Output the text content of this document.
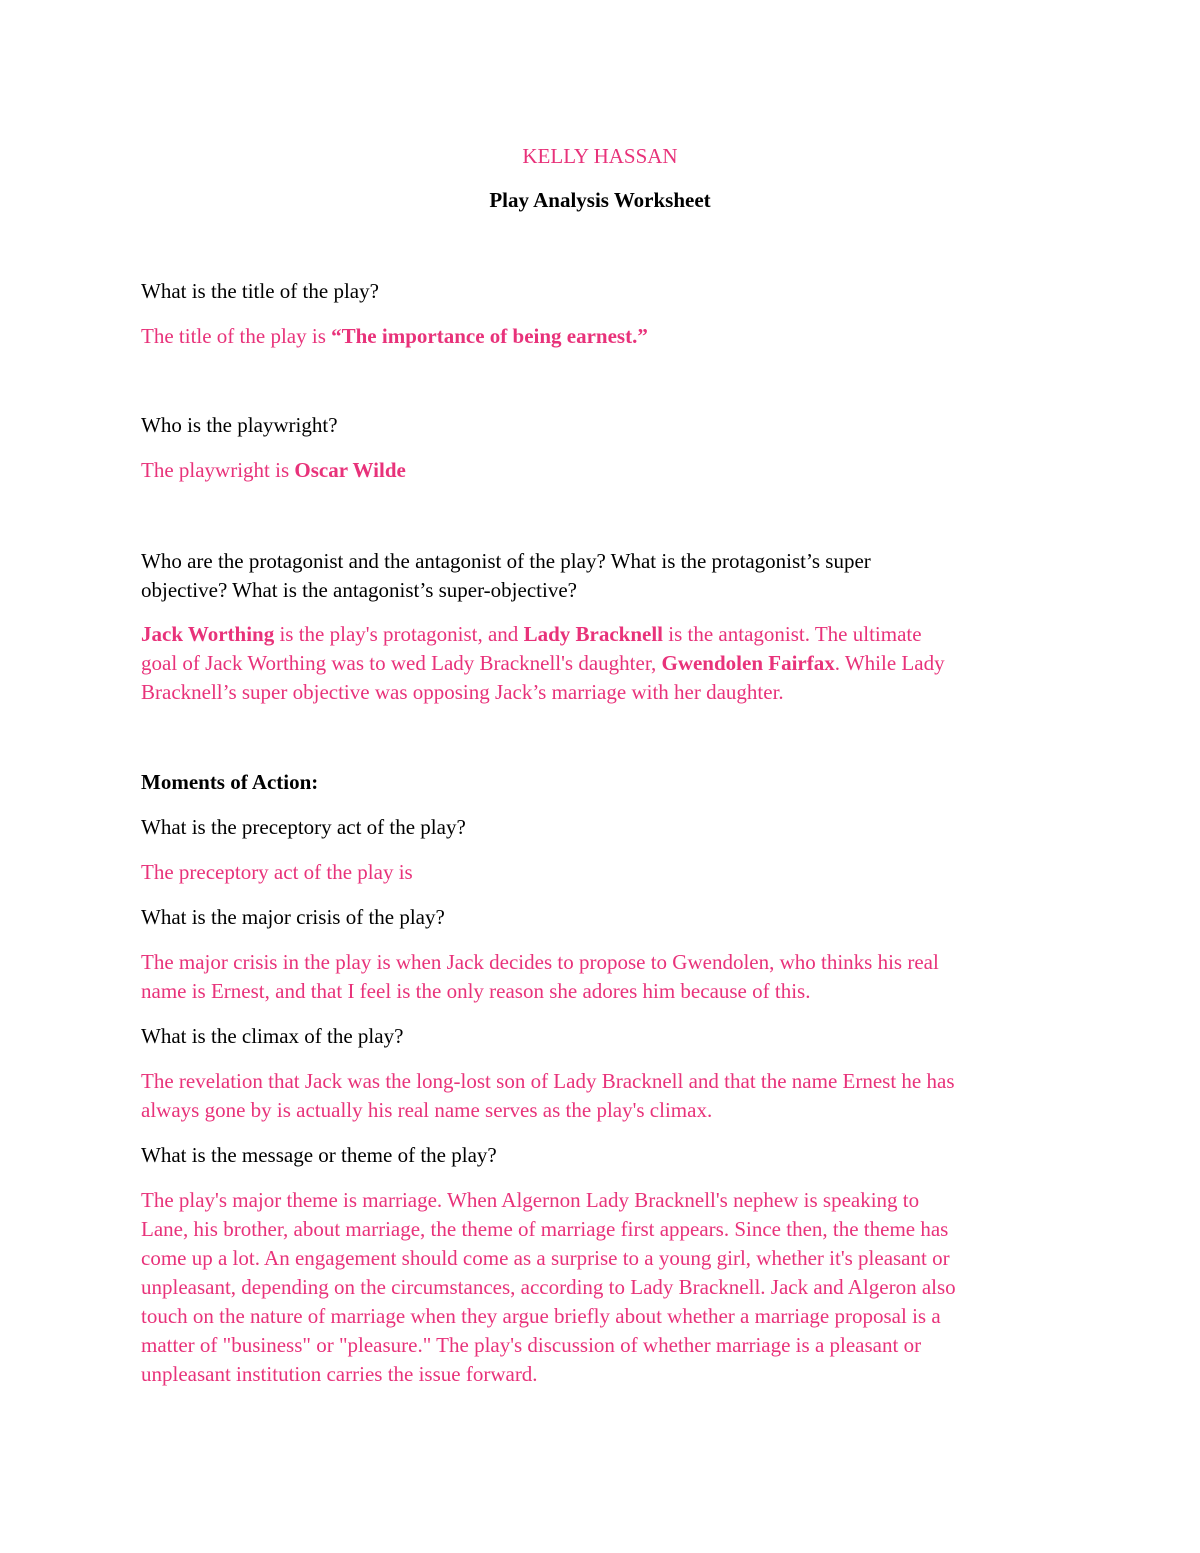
KELLY HASSAN

Play Analysis Worksheet

What is the title of the play?

The title of the play is “The importance of being earnest.”

Who is the playwright?

The playwright is Oscar Wilde

Who are the protagonist and the antagonist of the play? What is the protagonist’s super

objective? What is the antagonist’s super-objective?

Jack Worthing is the play's protagonist, and Lady Bracknell is the antagonist. The ultimate

goal of Jack Worthing was to wed Lady Bracknell's daughter, Gwendolen Fairfax. While Lady

Bracknell’s super objective was opposing Jack’s marriage with her daughter.

Moments of Action:

What is the preceptory act of the play?

The preceptory act of the play is

What is the major crisis of the play?

The major crisis in the play is when Jack decides to propose to Gwendolen, who thinks his real

name is Ernest, and that I feel is the only reason she adores him because of this.

What is the climax of the play?

The revelation that Jack was the long-lost son of Lady Bracknell and that the name Ernest he has

always gone by is actually his real name serves as the play's climax.

What is the message or theme of the play?

The play's major theme is marriage. When Algernon Lady Bracknell's nephew is speaking to

Lane, his brother, about marriage, the theme of marriage first appears. Since then, the theme has

come up a lot. An engagement should come as a surprise to a young girl, whether it's pleasant or

unpleasant, depending on the circumstances, according to Lady Bracknell. Jack and Algeron also

touch on the nature of marriage when they argue briefly about whether a marriage proposal is a

matter of "business" or "pleasure." The play's discussion of whether marriage is a pleasant or

unpleasant institution carries the issue forward.
